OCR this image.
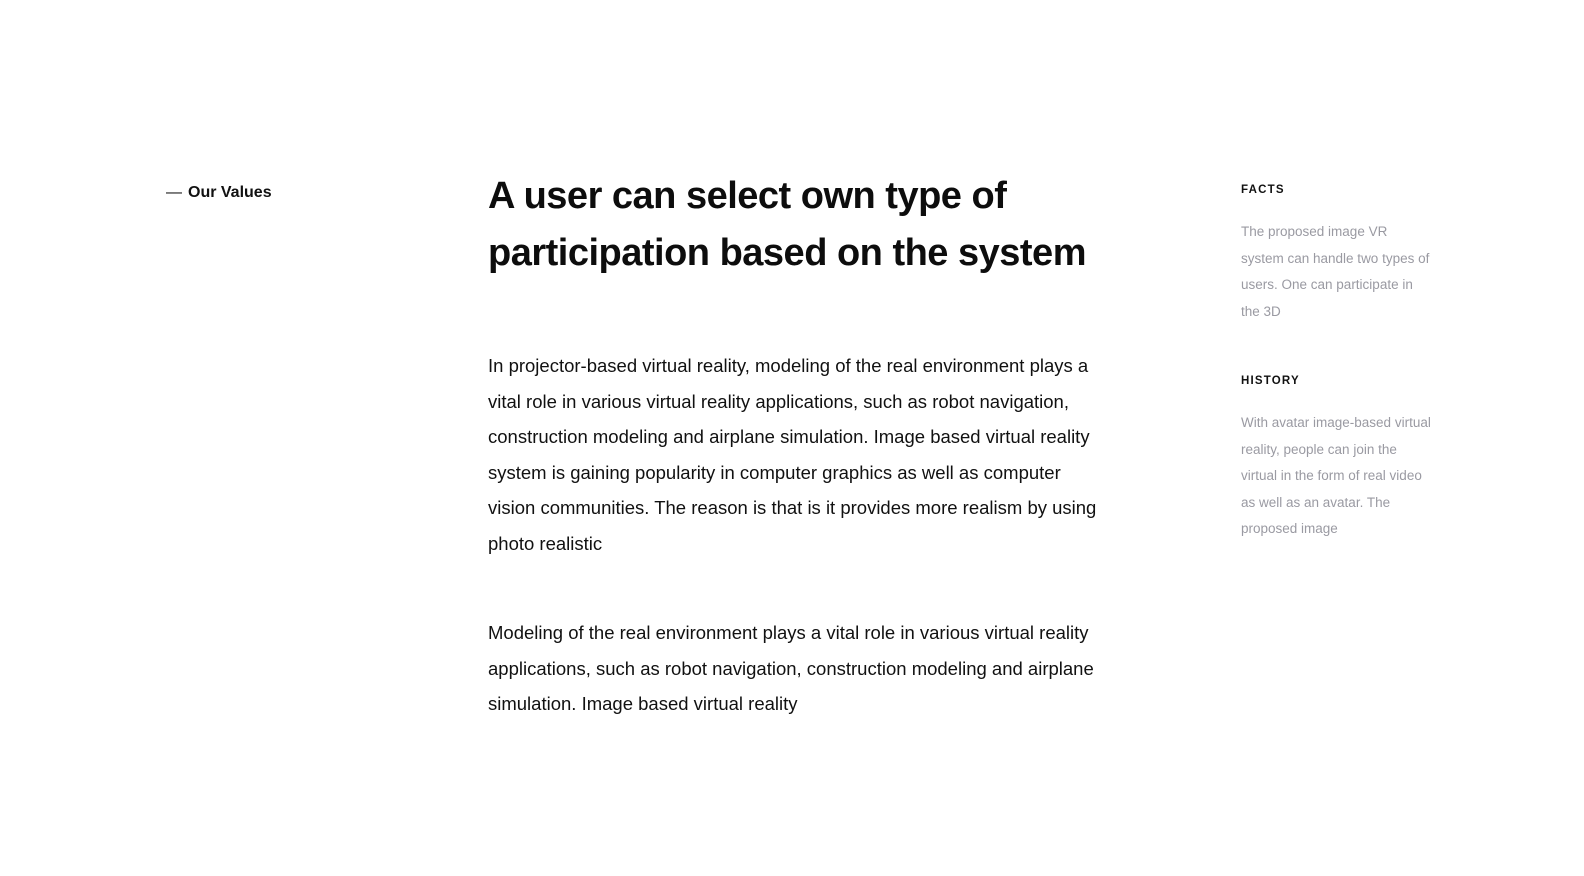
— Our Values	A user can select own type of participation based on the system

In projector-based virtual reality, modeling of the real environment plays a vital role in various virtual reality applications, such as robot navigation, construction modeling and airplane simulation. Image based virtual reality system is gaining popularity in computer graphics as well as computer vision communities. The reason is that is it provides more realism by using photo realistic

Modeling of the real environment plays a vital role in various virtual reality applications, such as robot navigation, construction modeling and airplane simulation. Image based virtual reality

FACTS

The proposed image VR system can handle two types of users. One can participate in the 3D

HISTORY

With avatar image-based virtual reality, people can join the virtual in the form of real video as well as an avatar. The proposed image
